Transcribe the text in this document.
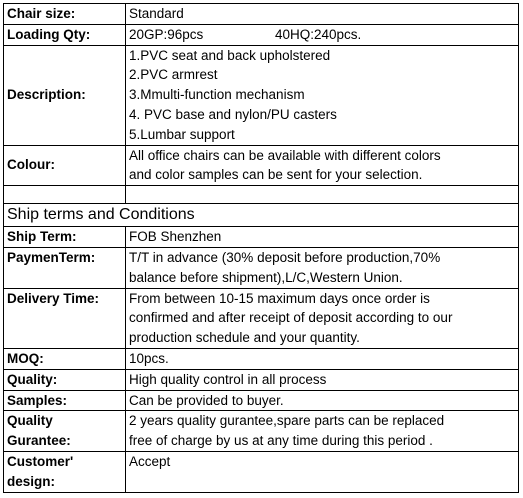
Chair size:	Standard
Loading Qty:	20GP:96pcs 40HQ:240pcs.
Description:	1.PVC seat and back upholstered
2.PVC armrest
3.Mmulti-function mechanism
4. PVC base and nylon/PU casters
5.Lumbar support

Colour:	All office chairs can be available with different colors
and color samples can be sent for your selection.

Ship terms and Conditions	
Ship Term:	FOB Shenzhen
PaymenTerm:	T/T in advance (30% deposit before production,70%
balance before shipment),L/C,Western Union.

Delivery Time:	From between 10-15 maximum days once order is
confirmed and after receipt of deposit according to our
production schedule and your quantity.

MOQ:	10pcs.
Quality:	High quality control in all process
Samples:	Can be provided to buyer.

Quality
Gurantee:	2 years quality gurantee,spare parts can be replaced
free of charge by us at any time during this period .

Customer'
design:	Accept
